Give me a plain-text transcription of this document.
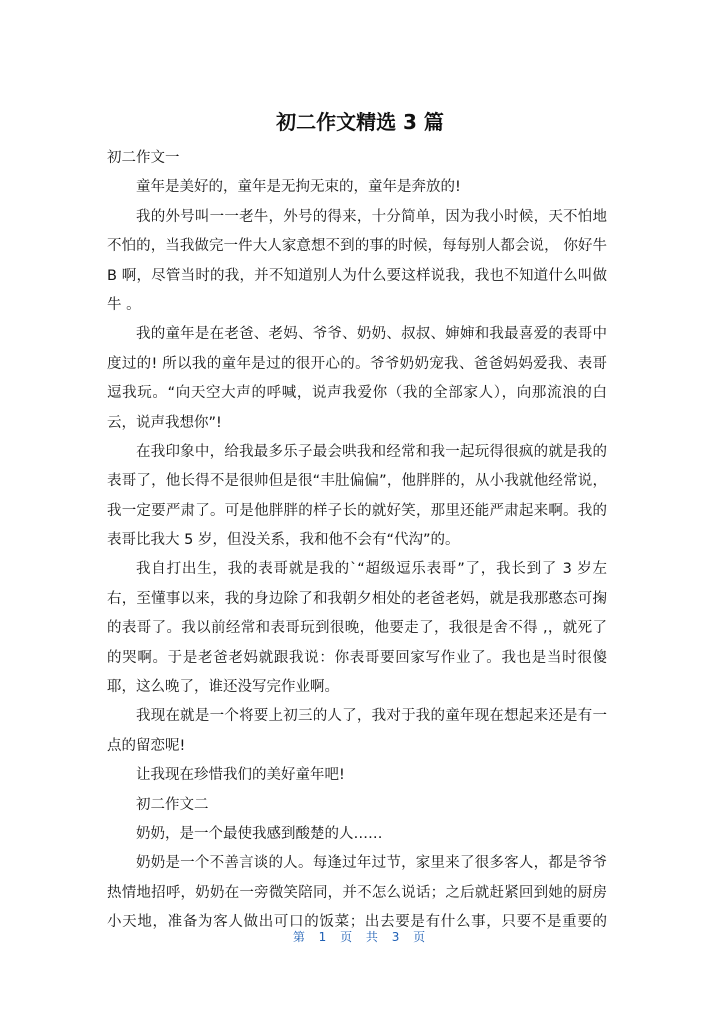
初二作文精选 3 篇
初二作文一
童年是美好的，童年是无拘无束的，童年是奔放的!
我的外号叫一一老牛，外号的得来，十分简单，因为我小时候，天不怕地
不怕的，当我做完一件大人家意想不到的事的时候，每每别人都会说， 你好牛
B 啊，尽管当时的我，并不知道别人为什么要这样说我，我也不知道什么叫做
牛 。
我的童年是在老爸、老妈、爷爷、奶奶、叔叔、婶婶和我最喜爱的表哥中
度过的! 所以我的童年是过的很开心的。爷爷奶奶宠我、爸爸妈妈爱我、表哥
逗我玩。“向天空大声的呼喊，说声我爱你（我的全部家人），向那流浪的白
云，说声我想你”!
在我印象中，给我最多乐子最会哄我和经常和我一起玩得很疯的就是我的
表哥了，他长得不是很帅但是很“丰肚偏偏”，他胖胖的，从小我就他经常说，
我一定要严肃了。可是他胖胖的样子长的就好笑，那里还能严肃起来啊。我的
表哥比我大 5 岁，但没关系，我和他不会有“代沟”的。
我自打出生，我的表哥就是我的`“超级逗乐表哥”了，我长到了 3 岁左
右，至懂事以来，我的身边除了和我朝夕相处的老爸老妈，就是我那憨态可掬
的表哥了。我以前经常和表哥玩到很晚，他要走了，我很是舍不得 ,，就死了
的哭啊。于是老爸老妈就跟我说：你表哥要回家写作业了。我也是当时很傻
耶，这么晚了，谁还没写完作业啊。
我现在就是一个将要上初三的人了，我对于我的童年现在想起来还是有一
点的留恋呢!
让我现在珍惜我们的美好童年吧!
初二作文二
奶奶，是一个最使我感到酸楚的人……
奶奶是一个不善言谈的人。每逢过年过节，家里来了很多客人，都是爷爷
热情地招呼，奶奶在一旁微笑陪同，并不怎么说话；之后就赶紧回到她的厨房
小天地，准备为客人做出可口的饭菜；出去要是有什么事，只要不是重要的
第 1 页 共 3 页
